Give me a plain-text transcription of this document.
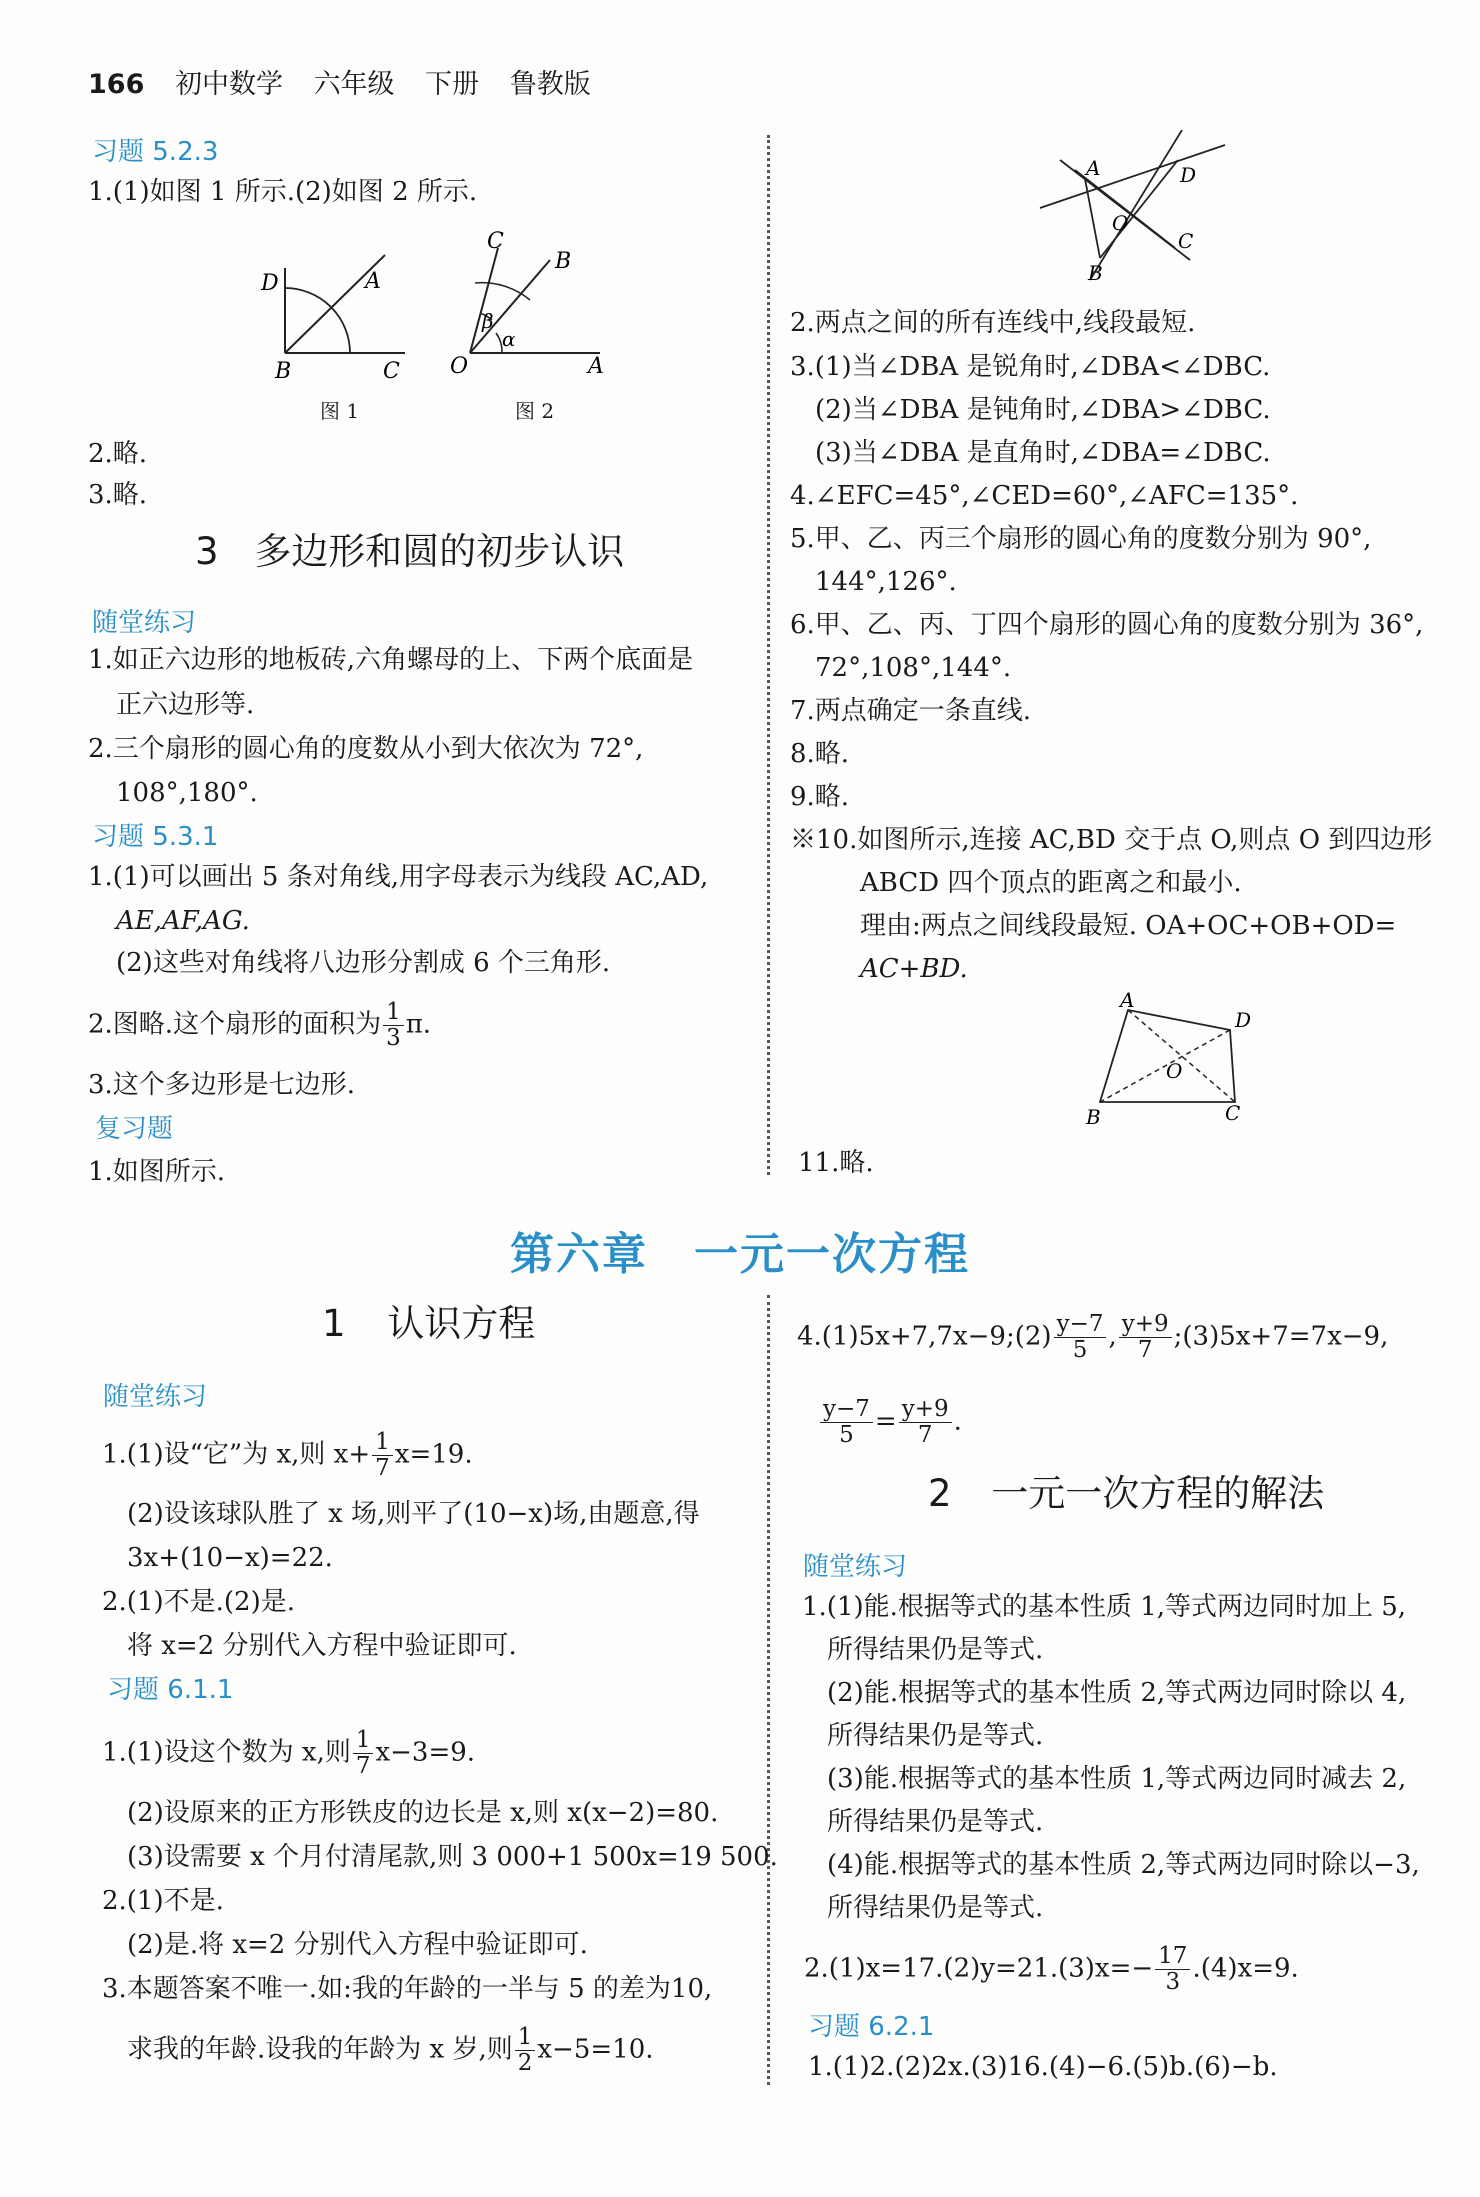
166 初中数学 六年级 下册 鲁教版
习题 5.2.3
1.(1)如图 1 所示.(2)如图 2 所示.
D	A
B	C
图 1
C
B
β
α
O	A
图 2
2.略.
3.略.
3 多边形和圆的初步认识
随堂练习
1.如正六边形的地板砖,六角螺母的上、下两个底面是
正六边形等.
2.三个扇形的圆心角的度数从小到大依次为 72°,
108°,180°.
习题 5.3.1
1.(1)可以画出 5 条对角线,用字母表示为线段 AC,AD,
AE,AF,AG.
(2)这些对角线将八边形分割成 6 个三角形.
2.图略.这个扇形的面积为 $\frac{1}{3} \pi$.
3.这个多边形是七边形.
复习题
1.如图所示.
A	D
O
C
B
2.两点之间的所有连线中,线段最短.
3.(1)当∠DBA 是锐角时,∠DBA<∠DBC.
(2)当∠DBA 是钝角时,∠DBA>∠DBC.
(3)当∠DBA 是直角时,∠DBA=∠DBC.
4.∠EFC=45°,∠CED=60°,∠AFC=135°.
5.甲、乙、丙三个扇形的圆心角的度数分别为 90°,
144°,126°.
6.甲、乙、丙、丁四个扇形的圆心角的度数分别为 36°,
72°,108°,144°.
7.两点确定一条直线.
8.略.
9.略.
※10.如图所示,连接 AC,BD 交于点 O,则点 O 到四边形
ABCD 四个顶点的距离之和最小.
理由:两点之间线段最短. OA+OC+OB+OD=
AC+BD.
A
D
O
B	C
11.略.
第六章 一元一次方程
1 认识方程
随堂练习
1.(1)设“它”为 x,则 $x+ \frac{1}{7} x=19$.
(2)设该球队胜了 x 场,则平了(10−x)场,由题意,得
3x+(10−x)=22.
2.(1)不是.(2)是.
将 x=2 分别代入方程中验证即可.
习题 6.1.1
1.(1)设这个数为 x,则 $\frac{1}{7} x-3=9$.
(2)设原来的正方形铁皮的边长是 x,则 x(x−2)=80.
(3)设需要 x 个月付清尾款,则 3 000+1 500x=19 500.
2.(1)不是.
(2)是.将 x=2 分别代入方程中验证即可.
3.本题答案不唯一.如:我的年龄的一半与 5 的差为10,
求我的年龄.设我的年龄为 x 岁,则 $\frac{1}{2} x-5=10$.
4.(1)5x+7,7x−9;(2) $\frac{y-7}{5}$ , $\frac{y+9}{7}$ ;(3)5x+7=7x−9,
$\frac{y-7}{5} = \frac{y+9}{7}$ .
2 一元一次方程的解法
随堂练习
1.(1)能.根据等式的基本性质 1,等式两边同时加上 5,
所得结果仍是等式.
(2)能.根据等式的基本性质 2,等式两边同时除以 4,
所得结果仍是等式.
(3)能.根据等式的基本性质 1,等式两边同时减去 2,
所得结果仍是等式.
(4)能.根据等式的基本性质 2,等式两边同时除以−3,
所得结果仍是等式.
$2.(1)x=17.(2)y=21.(3)x=- \frac{17}{3} .(4)x=9$.
习题 6.2.1
1.(1)2.(2)2x.(3)16.(4)−6.(5)b.(6)−b.
